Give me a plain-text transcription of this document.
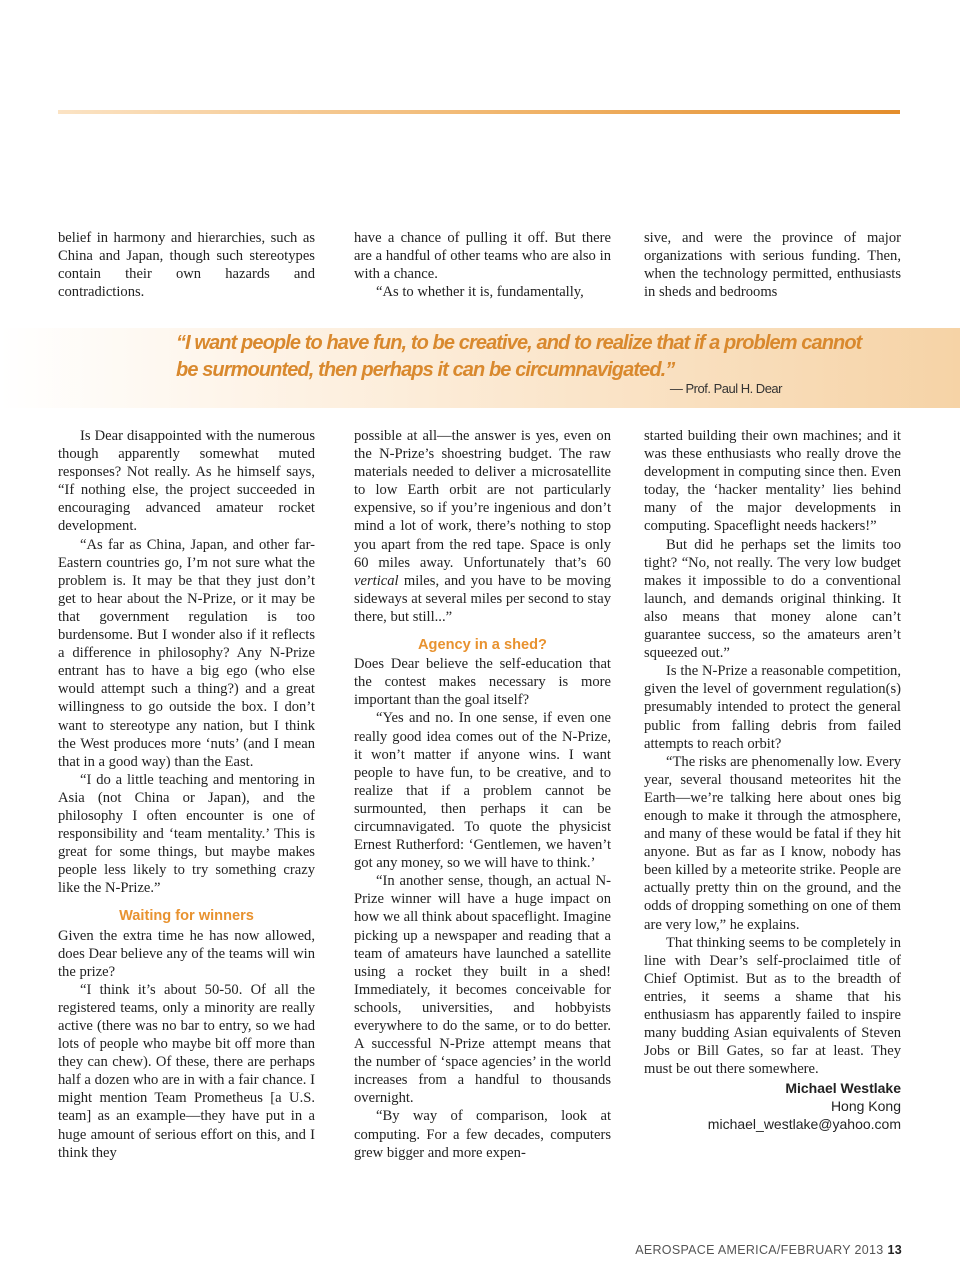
belief in harmony and hierarchies, such as China and Japan, though such stereotypes contain their own hazards and contradictions.

have a chance of pulling it off. But there are a handful of other teams who are also in with a chance.

“As to whether it is, fundamentally,

sive, and were the province of major organizations with serious funding. Then, when the technology permitted, enthusiasts in sheds and bedrooms

“I want people to have fun, to be creative, and to realize that if a problem cannot be surmounted, then perhaps it can be circumnavigated.”
— Prof. Paul H. Dear

Is Dear disappointed with the numerous though apparently somewhat muted responses? Not really. As he himself says, “If nothing else, the project succeeded in encouraging advanced amateur rocket development.

“As far as China, Japan, and other far-Eastern countries go, I’m not sure what the problem is. It may be that they just don’t get to hear about the N-Prize, or it may be that government regulation is too burdensome. But I wonder also if it reflects a difference in philosophy? Any N-Prize entrant has to have a big ego (who else would attempt such a thing?) and a great willingness to go outside the box. I don’t want to stereotype any nation, but I think the West produces more ‘nuts’ (and I mean that in a good way) than the East.

“I do a little teaching and mentoring in Asia (not China or Japan), and the philosophy I often encounter is one of responsibility and ‘team mentality.’ This is great for some things, but maybe makes people less likely to try something crazy like the N-Prize.”

Waiting for winners

Given the extra time he has now allowed, does Dear believe any of the teams will win the prize?

“I think it’s about 50-50. Of all the registered teams, only a minority are really active (there was no bar to entry, so we had lots of people who maybe bit off more than they can chew). Of these, there are perhaps half a dozen who are in with a fair chance. I might mention Team Prometheus [a U.S. team] as an example—they have put in a huge amount of serious effort on this, and I think they

possible at all—the answer is yes, even on the N-Prize’s shoestring budget. The raw materials needed to deliver a microsatellite to low Earth orbit are not particularly expensive, so if you’re ingenious and don’t mind a lot of work, there’s nothing to stop you apart from the red tape. Space is only 60 miles away. Unfortunately that’s 60 vertical miles, and you have to be moving sideways at several miles per second to stay there, but still...”

Agency in a shed?

Does Dear believe the self-education that the contest makes necessary is more important than the goal itself?

“Yes and no. In one sense, if even one really good idea comes out of the N-Prize, it won’t matter if anyone wins. I want people to have fun, to be creative, and to realize that if a problem cannot be surmounted, then perhaps it can be circumnavigated. To quote the physicist Ernest Rutherford: ‘Gentlemen, we haven’t got any money, so we will have to think.’

“In another sense, though, an actual N-Prize winner will have a huge impact on how we all think about spaceflight. Imagine picking up a newspaper and reading that a team of amateurs have launched a satellite using a rocket they built in a shed! Immediately, it becomes conceivable for schools, universities, and hobbyists everywhere to do the same, or to do better. A successful N-Prize attempt means that the number of ‘space agencies’ in the world increases from a handful to thousands overnight.

“By way of comparison, look at computing. For a few decades, computers grew bigger and more expen-

started building their own machines; and it was these enthusiasts who really drove the development in computing since then. Even today, the ‘hacker mentality’ lies behind many of the major developments in computing. Spaceflight needs hackers!”

But did he perhaps set the limits too tight? “No, not really. The very low budget makes it impossible to do a conventional launch, and demands original thinking. It also means that money alone can’t guarantee success, so the amateurs aren’t squeezed out.”

Is the N-Prize a reasonable competition, given the level of government regulation(s) presumably intended to protect the general public from falling debris from failed attempts to reach orbit?

“The risks are phenomenally low. Every year, several thousand meteorites hit the Earth—we’re talking here about ones big enough to make it through the atmosphere, and many of these would be fatal if they hit anyone. But as far as I know, nobody has been killed by a meteorite strike. People are actually pretty thin on the ground, and the odds of dropping something on one of them are very low,” he explains.

That thinking seems to be completely in line with Dear’s self-proclaimed title of Chief Optimist. But as to the breadth of entries, it seems a shame that his enthusiasm has apparently failed to inspire many budding Asian equivalents of Steven Jobs or Bill Gates, so far at least. They must be out there somewhere.

Michael Westlake
Hong Kong
michael_westlake@yahoo.com
AEROSPACE AMERICA/FEBRUARY 2013 13
